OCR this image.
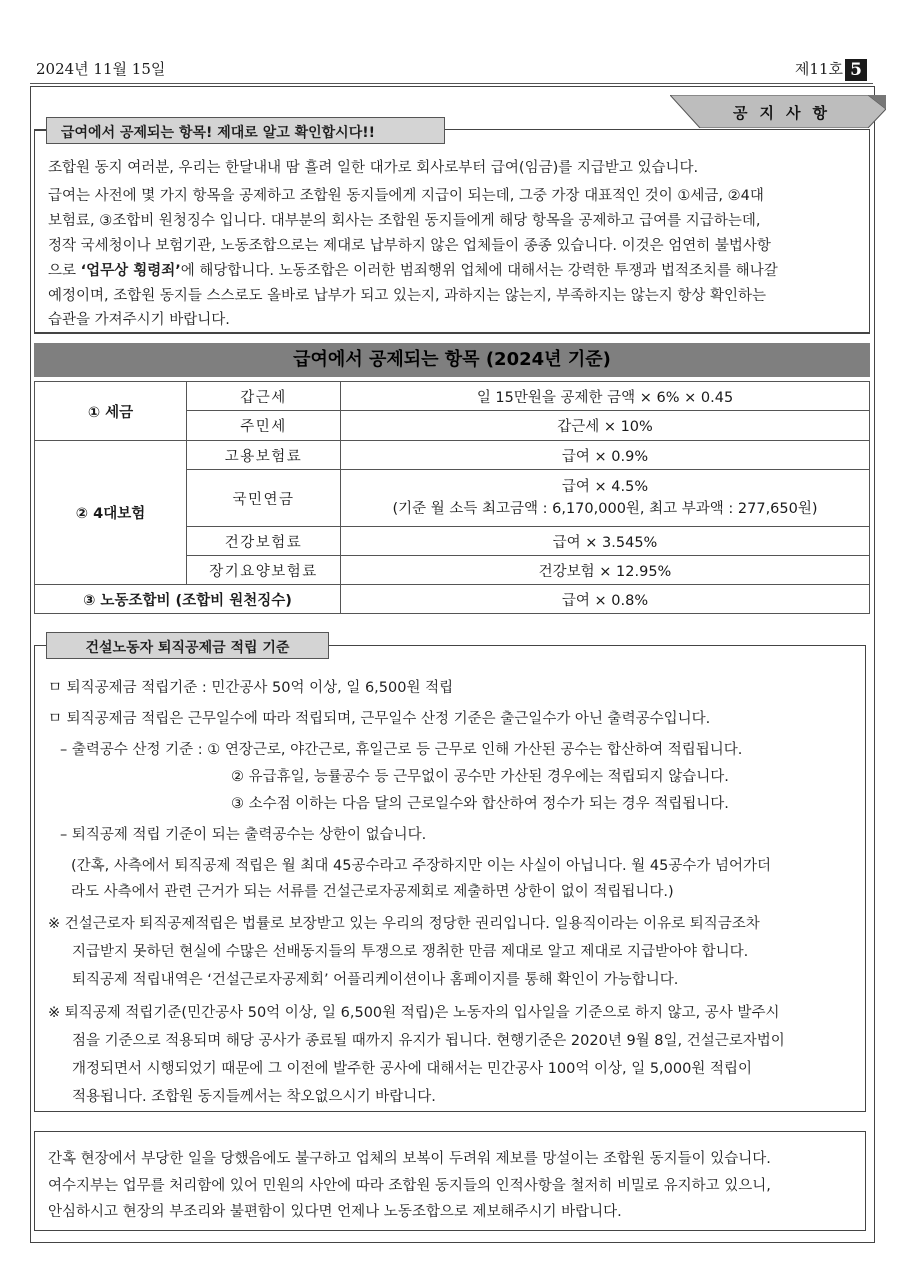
2024년 11월 15일	제11호 5
공지사항
급여에서 공제되는 항목! 제대로 알고 확인합시다!!

조합원 동지 여러분, 우리는 한달내내 땀 흘려 일한 대가로 회사로부터 급여(임금)를 지급받고 있습니다.

급여는 사전에 몇 가지 항목을 공제하고 조합원 동지들에게 지급이 되는데, 그중 가장 대표적인 것이 ①세금, ②4대

보험료, ③조합비 원청징수 입니다. 대부분의 회사는 조합원 동지들에게 해당 항목을 공제하고 급여를 지급하는데,

정작 국세청이나 보험기관, 노동조합으로는 제대로 납부하지 않은 업체들이 종종 있습니다. 이것은 엄연히 불법사항

으로 ‘업무상 횡령죄’에 해당합니다. 노동조합은 이러한 범죄행위 업체에 대해서는 강력한 투쟁과 법적조치를 해나갈

예정이며, 조합원 동지들 스스로도 올바로 납부가 되고 있는지, 과하지는 않는지, 부족하지는 않는지 항상 확인하는

습관을 가져주시기 바랍니다.

급여에서 공제되는 항목 (2024년 기준)
① 세금	갑근세	일 15만원을 공제한 금액 × 6% × 0.45
	주민세	갑근세 × 10%
② 4대보험	고용보험료	급여 × 0.9%
	국민연금	급여 × 4.5%
(기준 월 소득 최고금액 : 6,170,000원, 최고 부과액 : 277,650원)

	건강보험료	급여 × 3.545%
	장기요양보험료	건강보험 × 12.95%
③ 노동조합비 (조합비 원천징수)		급여 × 0.8%
건설노동자 퇴직공제금 적립 기준
ㅁ 퇴직공제금 적립기준 : 민간공사 50억 이상, 일 6,500원 적립
ㅁ 퇴직공제금 적립은 근무일수에 따라 적립되며, 근무일수 산정 기준은 출근일수가 아닌 출력공수입니다.
– 출력공수 산정 기준 : ① 연장근로, 야간근로, 휴일근로 등 근무로 인해 가산된 공수는 합산하여 적립됩니다.
② 유급휴일, 능률공수 등 근무없이 공수만 가산된 경우에는 적립되지 않습니다.
③ 소수점 이하는 다음 달의 근로일수와 합산하여 정수가 되는 경우 적립됩니다.
– 퇴직공제 적립 기준이 되는 출력공수는 상한이 없습니다.
(간혹, 사측에서 퇴직공제 적립은 월 최대 45공수라고 주장하지만 이는 사실이 아닙니다. 월 45공수가 넘어가더
라도 사측에서 관련 근거가 되는 서류를 건설근로자공제회로 제출하면 상한이 없이 적립됩니다.)
※ 건설근로자 퇴직공제적립은 법률로 보장받고 있는 우리의 정당한 권리입니다. 일용직이라는 이유로 퇴직금조차
지급받지 못하던 현실에 수많은 선배동지들의 투쟁으로 쟁취한 만큼 제대로 알고 제대로 지급받아야 합니다.
퇴직공제 적립내역은 ‘건설근로자공제회’ 어플리케이션이나 홈페이지를 통해 확인이 가능합니다.
※ 퇴직공제 적립기준(민간공사 50억 이상, 일 6,500원 적립)은 노동자의 입사일을 기준으로 하지 않고, 공사 발주시
점을 기준으로 적용되며 해당 공사가 종료될 때까지 유지가 됩니다. 현행기준은 2020년 9월 8일, 건설근로자법이
개정되면서 시행되었기 때문에 그 이전에 발주한 공사에 대해서는 민간공사 100억 이상, 일 5,000원 적립이
적용됩니다. 조합원 동지들께서는 착오없으시기 바랍니다.
간혹 현장에서 부당한 일을 당했음에도 불구하고 업체의 보복이 두려워 제보를 망설이는 조합원 동지들이 있습니다.
여수지부는 업무를 처리함에 있어 민원의 사안에 따라 조합원 동지들의 인적사항을 철저히 비밀로 유지하고 있으니,
안심하시고 현장의 부조리와 불편함이 있다면 언제나 노동조합으로 제보해주시기 바랍니다.
